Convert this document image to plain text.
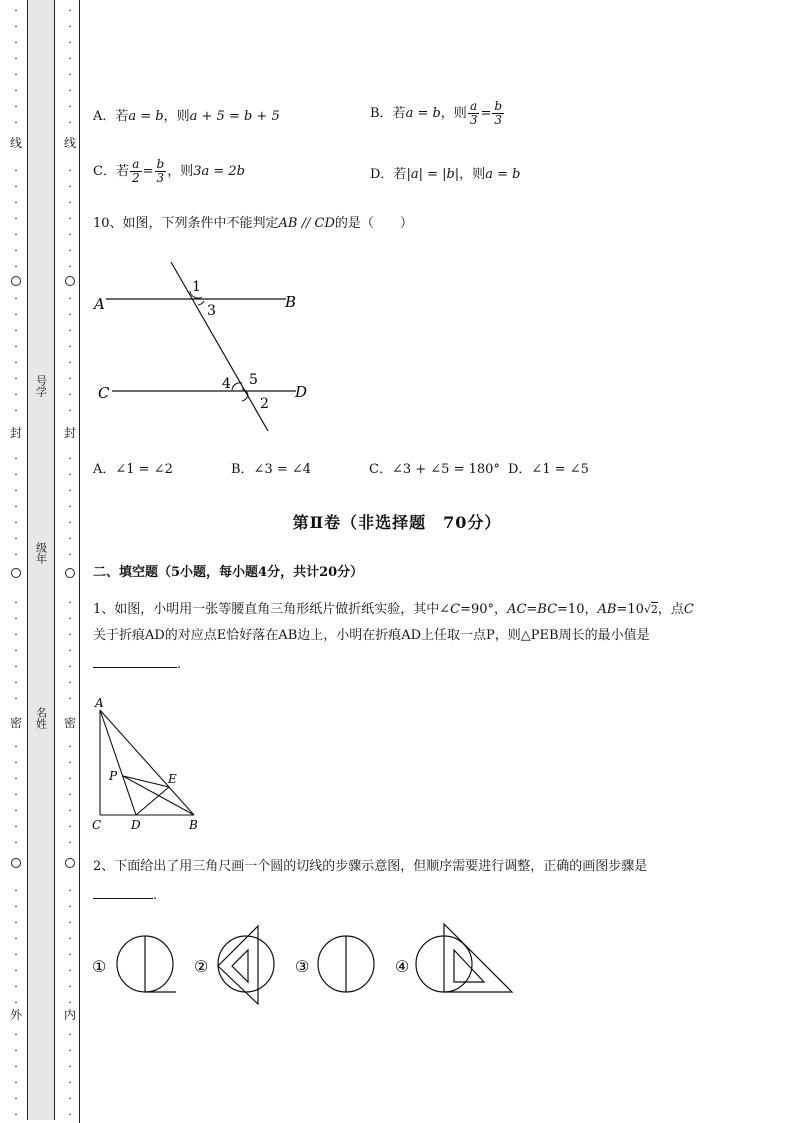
·
·
·
·
·
·
·
·
·
·
·
·
·
·
·
·
·
·
·
·
·
·
·
·
·
·
·
·
·
·
·
·
·
·
·
·
·
·
·
·
·
·
·
·
·
·
·
·
·
·
·
·
·
·
·
·
·
·
线
封
密
外
·
·
·
·
·
·
·
·
·
·
·
·
·
·
·
·
·
·
·
·
·
·
·
·
·
·
·
·
·
·
·
·
·
·
·
·
·
·
·
·
·
·
·
·
·
·
·
·
·
·
·
·
·
·
·
·
·
·
线
封
密
内
号学
级年
名姓
A．若a = b，则a + 5 = b + 5	B．若a = b，则 $\frac{a}{3} = \frac{b}{3}$
C．若 $\frac{a}{2} = \frac{b}{3}$ ，则3a = 2b	D．若|a| = |b|，则a = b
10、如图，下列条件中不能判定AB // CD的是（　　）
A	B
C	D
1
3
4 5
2
A．∠1 = ∠2	B．∠3 = ∠4	C．∠3 + ∠5 = 180° D．∠1 = ∠5
第Ⅱ卷（非选择题　70分）
二、填空题（5小题，每小题4分，共计20分）
1、如图，小明用一张等腰直角三角形纸片做折纸实验，其中∠C=90°，AC=BC=10，AB=10√2，点C
关于折痕AD的对应点E恰好落在AB边上，小明在折痕AD上任取一点P，则△PEB周长的最小值是
.
A
P	E
C D	B
2、下面给出了用三角尺画一个圆的切线的步骤示意图，但顺序需要进行调整，正确的画图步骤是
.
①	②	③	④
